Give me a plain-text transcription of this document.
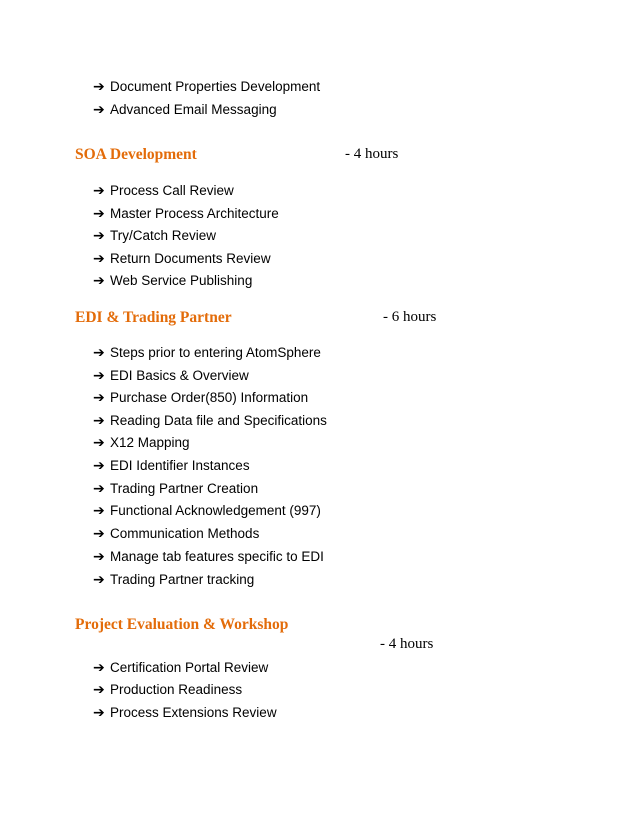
➔ Document Properties Development
➔ Advanced Email Messaging
SOA Development	- 4 hours
➔ Process Call Review
➔ Master Process Architecture
➔ Try/Catch Review
➔ Return Documents Review
➔ Web Service Publishing
EDI & Trading Partner	- 6 hours
➔ Steps prior to entering AtomSphere
➔ EDI Basics & Overview
➔ Purchase Order(850) Information
➔ Reading Data file and Specifications
➔ X12 Mapping
➔ EDI Identifier Instances
➔ Trading Partner Creation
➔ Functional Acknowledgement (997)
➔ Communication Methods
➔ Manage tab features specific to EDI
➔ Trading Partner tracking
Project Evaluation & Workshop
- 4 hours
➔ Certification Portal Review
➔ Production Readiness
➔ Process Extensions Review
